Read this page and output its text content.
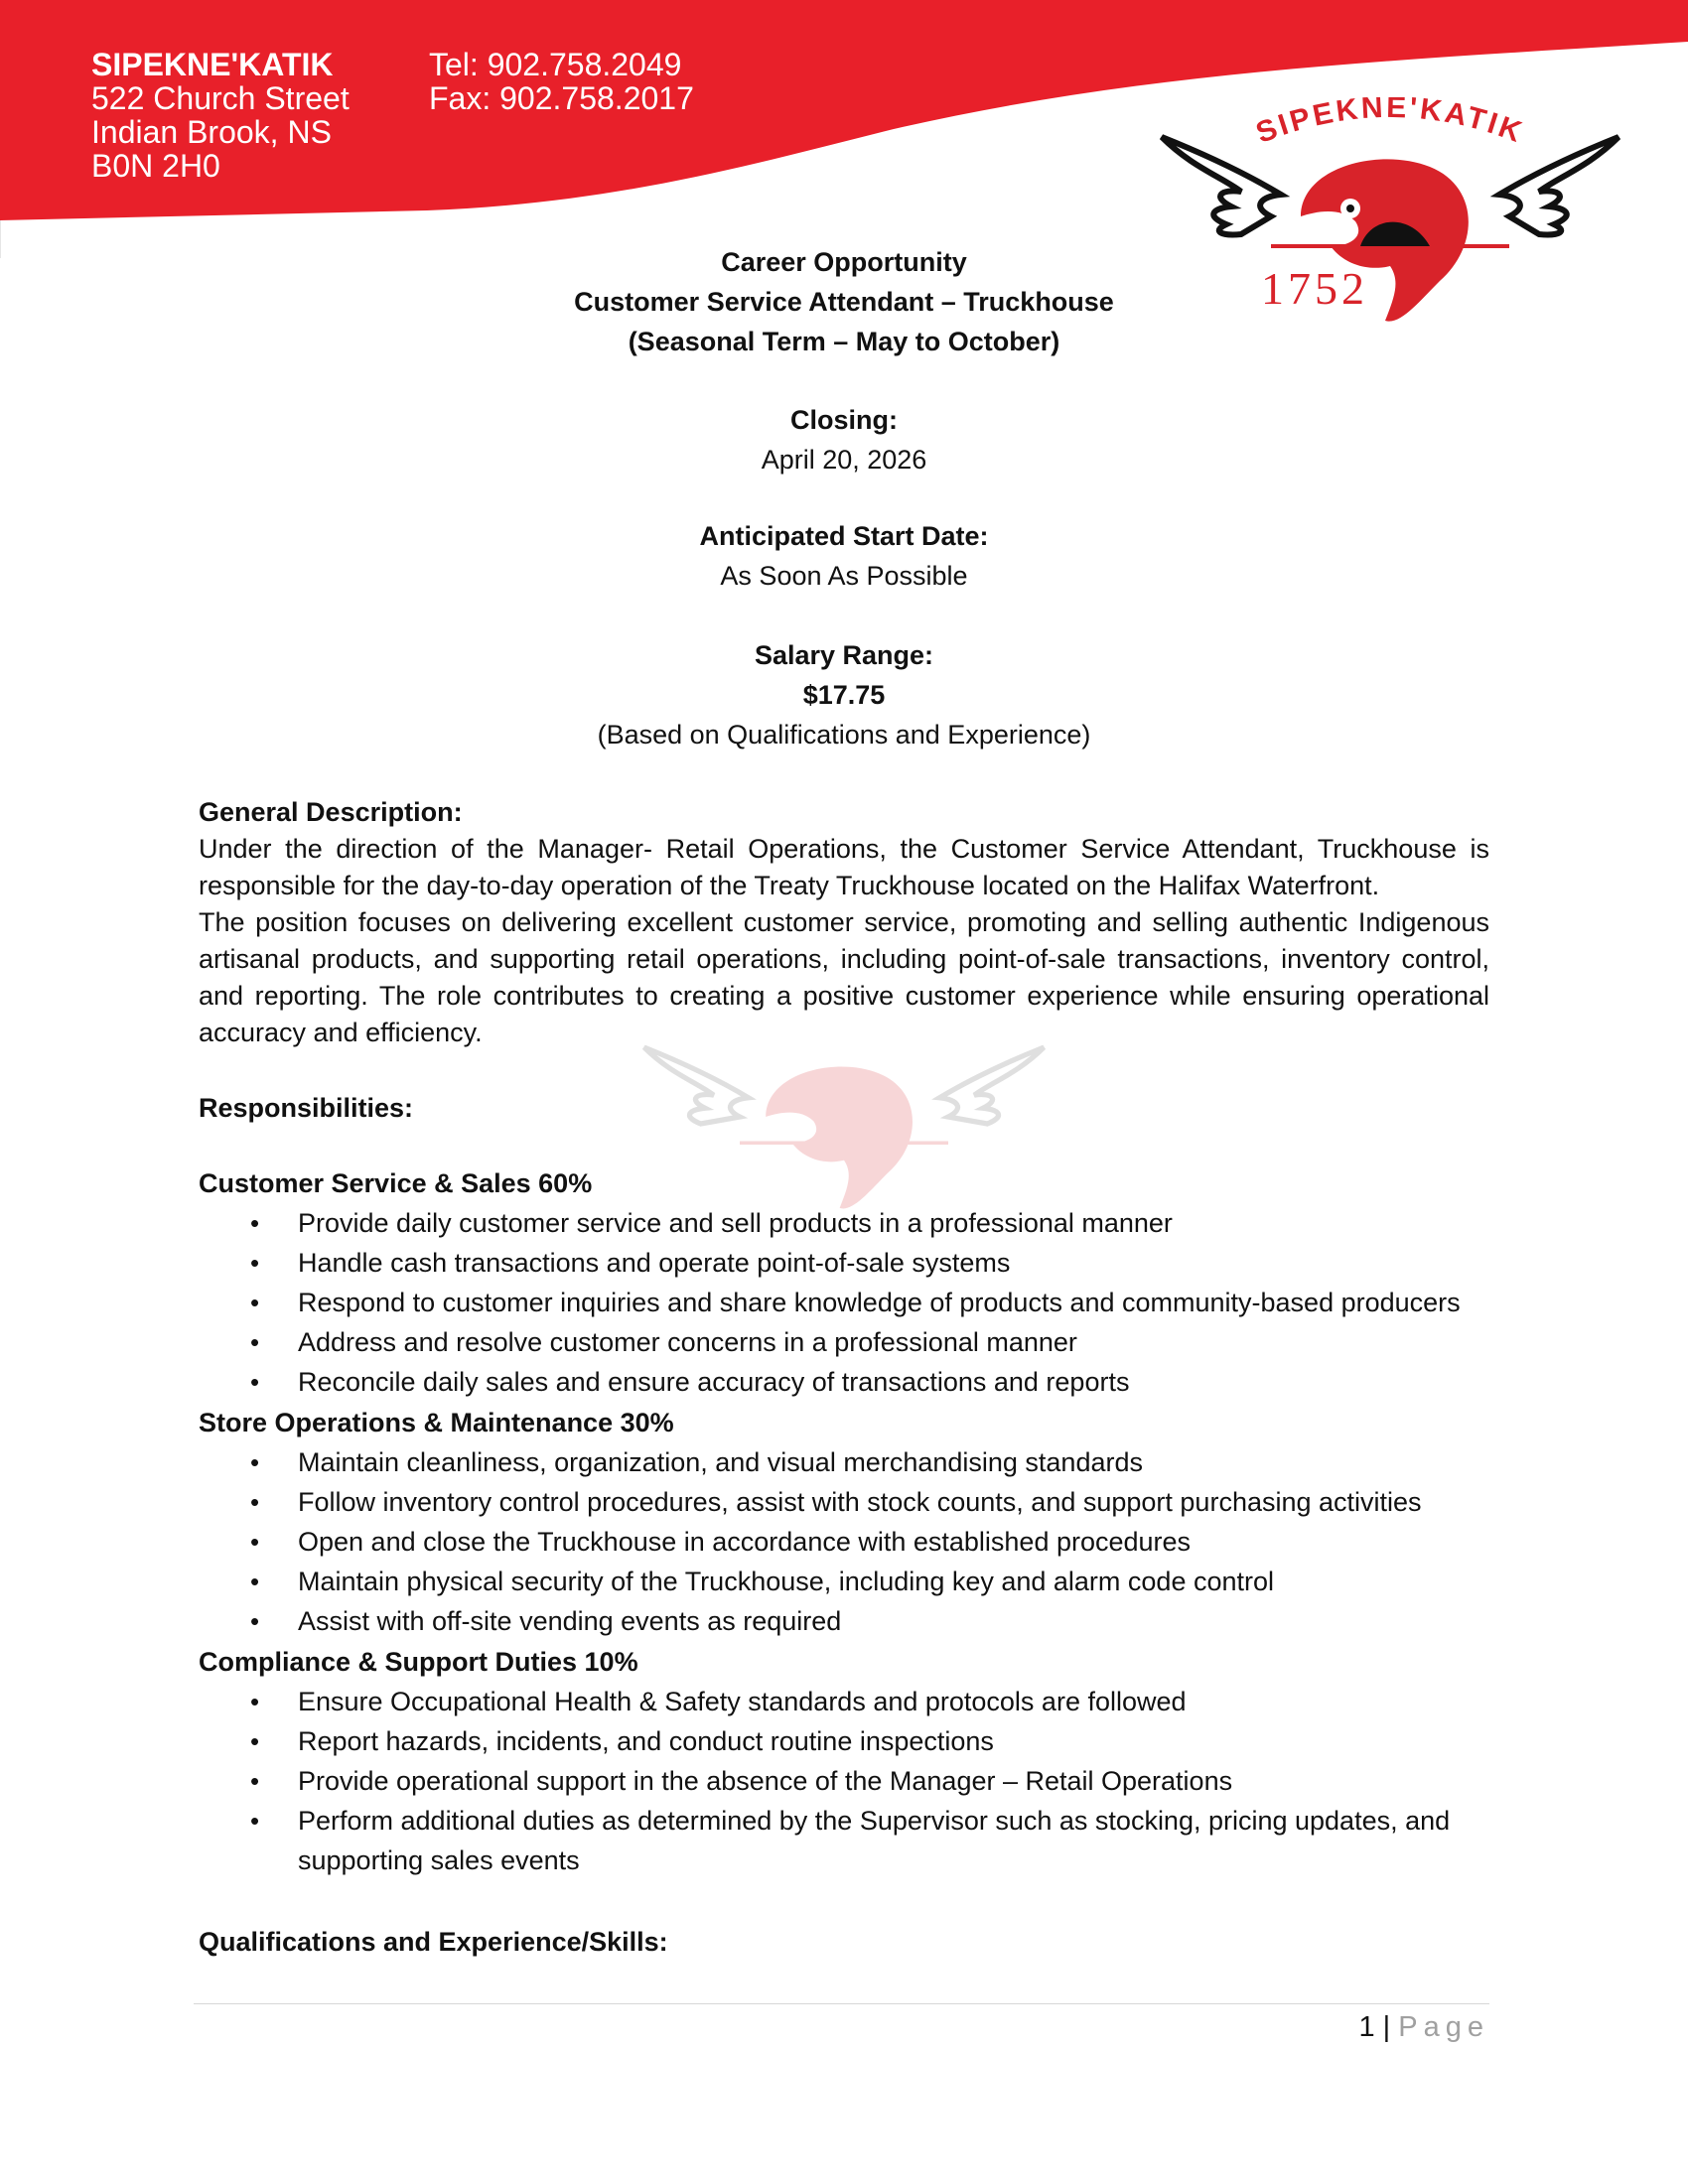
SIPEKNE'KATIK
522 Church Street
Indian Brook, NS
B0N 2H0
Tel: 902.758.2049
Fax: 902.758.2017
SIPEKNE'KATIK
1752
Career Opportunity
Customer Service Attendant – Truckhouse
(Seasonal Term – May to October)
Closing:
April 20, 2026
Anticipated Start Date:
As Soon As Possible
Salary Range:
$17.75
(Based on Qualifications and Experience)
General Description:

Under the direction of the Manager- Retail Operations, the Customer Service Attendant, Truckhouse is responsible for the day-to-day operation of the Treaty Truckhouse located on the Halifax Waterfront.

The position focuses on delivering excellent customer service, promoting and selling authentic Indigenous artisanal products, and supporting retail operations, including point-of-sale transactions, inventory control, and reporting. The role contributes to creating a positive customer experience while ensuring operational accuracy and efficiency.

Responsibilities:
Customer Service & Sales 60%
• Provide daily customer service and sell products in a professional manner
• Handle cash transactions and operate point-of-sale systems
• Respond to customer inquiries and share knowledge of products and community-based producers
• Address and resolve customer concerns in a professional manner
• Reconcile daily sales and ensure accuracy of transactions and reports
Store Operations & Maintenance 30%
• Maintain cleanliness, organization, and visual merchandising standards
• Follow inventory control procedures, assist with stock counts, and support purchasing activities
• Open and close the Truckhouse in accordance with established procedures
• Maintain physical security of the Truckhouse, including key and alarm code control
• Assist with off-site vending events as required
Compliance & Support Duties 10%
• Ensure Occupational Health & Safety standards and protocols are followed
• Report hazards, incidents, and conduct routine inspections
• Provide operational support in the absence of the Manager – Retail Operations
• Perform additional duties as determined by the Supervisor such as stocking, pricing updates, and supporting sales events
Qualifications and Experience/Skills:
1 | Page
